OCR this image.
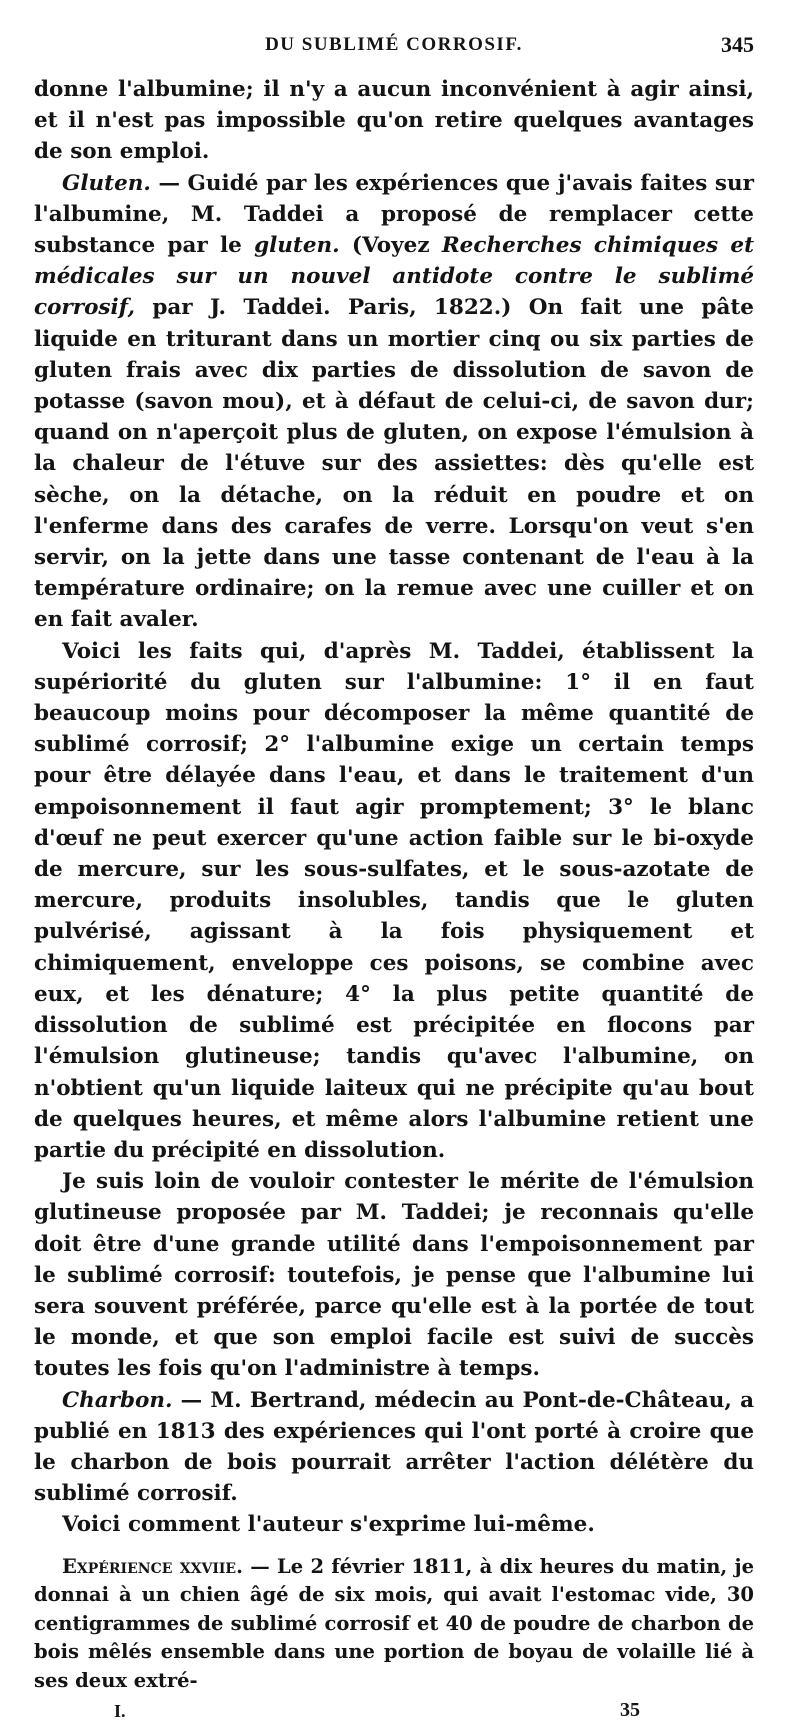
DU SUBLIMÉ CORROSIF.	345

donne l'albumine; il n'y a aucun inconvénient à agir ainsi, et il n'est pas impossible qu'on retire quelques avantages de son emploi.

Gluten. — Guidé par les expériences que j'avais faites sur l'albumine, M. Taddei a proposé de remplacer cette substance par le gluten. (Voyez Recherches chimiques et médicales sur un nouvel antidote contre le sublimé corrosif, par J. Taddei. Paris, 1822.) On fait une pâte liquide en triturant dans un mortier cinq ou six parties de gluten frais avec dix parties de dissolution de savon de potasse (savon mou), et à défaut de celui-ci, de savon dur; quand on n'aperçoit plus de gluten, on expose l'émulsion à la chaleur de l'étuve sur des assiettes: dès qu'elle est sèche, on la détache, on la réduit en poudre et on l'enferme dans des carafes de verre. Lorsqu'on veut s'en servir, on la jette dans une tasse contenant de l'eau à la température ordinaire; on la remue avec une cuiller et on en fait avaler.

Voici les faits qui, d'après M. Taddei, établissent la supériorité du gluten sur l'albumine: 1° il en faut beaucoup moins pour décomposer la même quantité de sublimé corrosif; 2° l'albumine exige un certain temps pour être délayée dans l'eau, et dans le traitement d'un empoisonnement il faut agir promptement; 3° le blanc d'œuf ne peut exercer qu'une action faible sur le bi-oxyde de mercure, sur les sous-sulfates, et le sous-azotate de mercure, produits insolubles, tandis que le gluten pulvérisé, agissant à la fois physiquement et chimiquement, enveloppe ces poisons, se combine avec eux, et les dénature; 4° la plus petite quantité de dissolution de sublimé est précipitée en flocons par l'émulsion glutineuse; tandis qu'avec l'albumine, on n'obtient qu'un liquide laiteux qui ne précipite qu'au bout de quelques heures, et même alors l'albumine retient une partie du précipité en dissolution.

Je suis loin de vouloir contester le mérite de l'émulsion glutineuse proposée par M. Taddei; je reconnais qu'elle doit être d'une grande utilité dans l'empoisonnement par le sublimé corrosif: toutefois, je pense que l'albumine lui sera souvent préférée, parce qu'elle est à la portée de tout le monde, et que son emploi facile est suivi de succès toutes les fois qu'on l'administre à temps.

Charbon. — M. Bertrand, médecin au Pont-de-Château, a publié en 1813 des expériences qui l'ont porté à croire que le charbon de bois pourrait arrêter l'action délétère du sublimé corrosif.

Voici comment l'auteur s'exprime lui-même.

Expérience xxviie. — Le 2 février 1811, à dix heures du matin, je donnai à un chien âgé de six mois, qui avait l'estomac vide, 30 centigrammes de sublimé corrosif et 40 de poudre de charbon de bois mêlés ensemble dans une portion de boyau de volaille lié à ses deux extré-

I.	35
